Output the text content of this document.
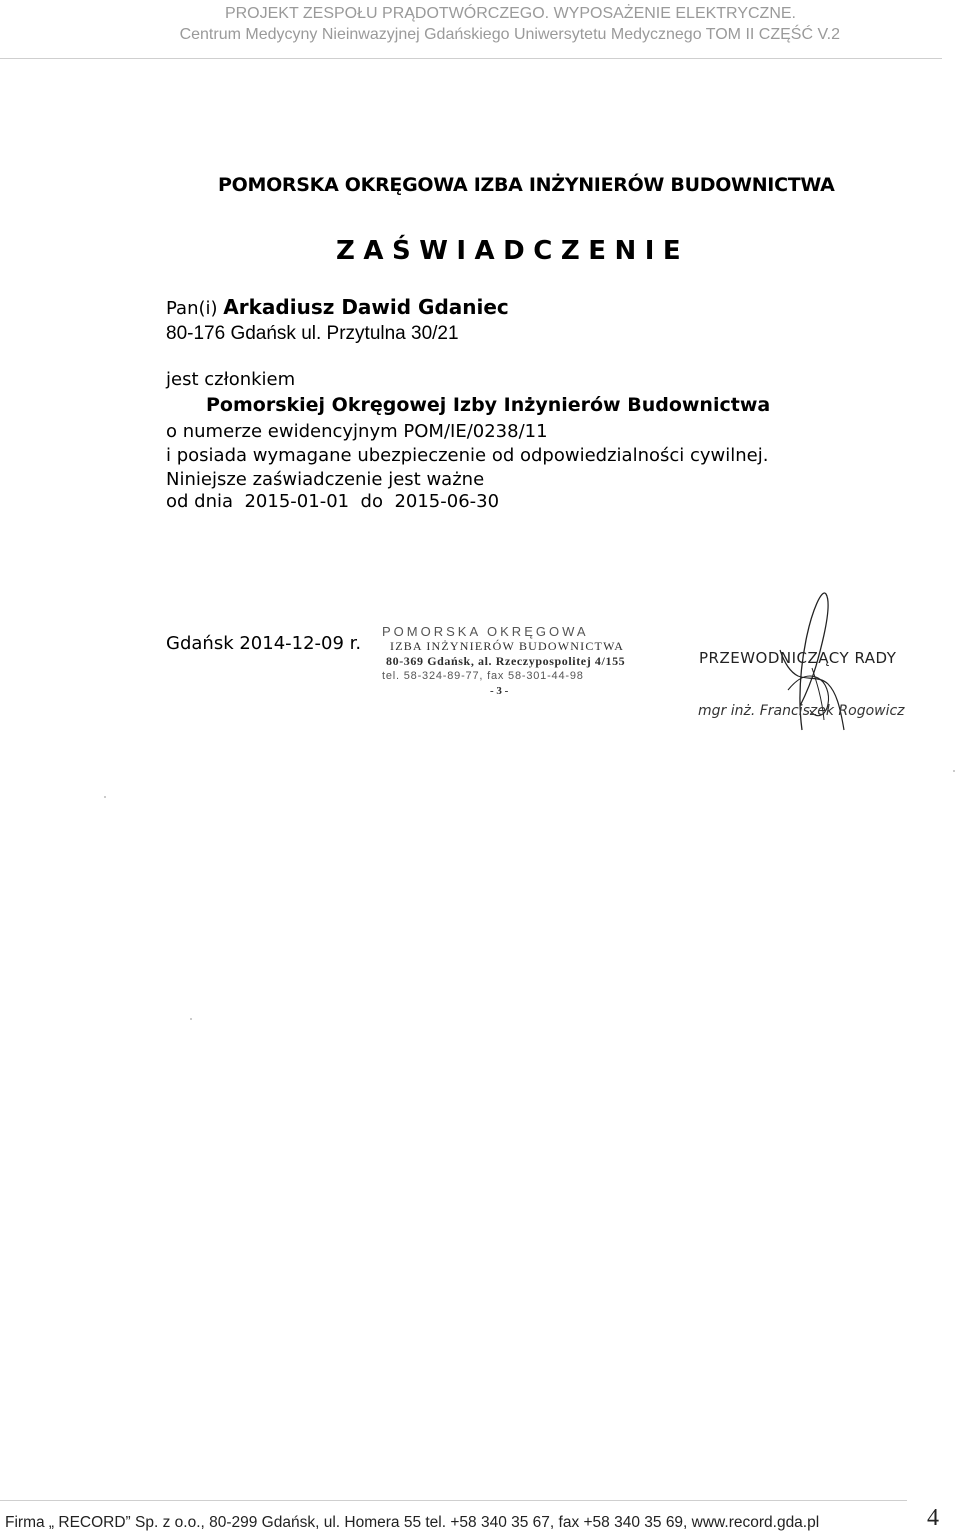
PROJEKT ZESPOŁU PRĄDOTWÓRCZEGO. WYPOSAŻENIE ELEKTRYCZNE.
Centrum Medycyny Nieinwazyjnej Gdańskiego Uniwersytetu Medycznego TOM II CZĘŚĆ V.2
POMORSKA OKRĘGOWA IZBA INŻYNIERÓW BUDOWNICTWA
ZAŚWIADCZENIE
Pan(i) Arkadiusz Dawid Gdaniec
80-176 Gdańsk ul. Przytulna 30/21
jest członkiem
Pomorskiej Okręgowej Izby Inżynierów Budownictwa
o numerze ewidencyjnym POM/IE/0238/11
i posiada wymagane ubezpieczenie od odpowiedzialności cywilnej.
Niniejsze zaświadczenie jest ważne
od dnia 2015-01-01 do 2015-06-30
Gdańsk 2014-12-09 r.
POMORSKA OKRĘGOWA
IZBA INŻYNIERÓW BUDOWNICTWA
80-369 Gdańsk, al. Rzeczypospolitej 4/155
tel. 58-324-89-77, fax 58-301-44-98
- 3 -
PRZEWODNICZĄCY RADY
mgr inż. Franciszek Rogowicz
Firma „ RECORD” Sp. z o.o., 80-299 Gdańsk, ul. Homera 55 tel. +58 340 35 67, fax +58 340 35 69, www.record.gda.pl	4
